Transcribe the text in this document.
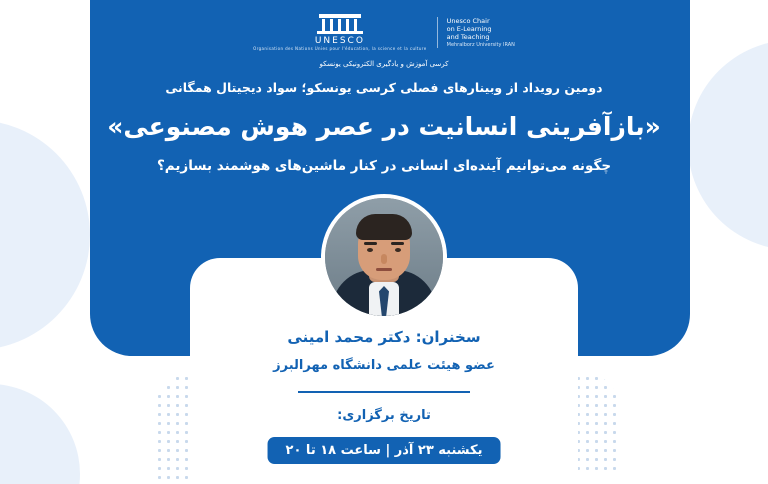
UNESCO
Organisation des Nations Unies pour l'éducation, la science et la culture
Unesco Chair
on E-Learning
and Teaching
Mehralborz University IRAN
کرسی آموزش و یادگیری الکترونیکی یونسکو
دومین رویداد از وبینارهای فصلی کرسی یونسکو؛ سواد دیجیتال همگانی
«بازآفرینی انسانیت در عصر هوش مصنوعی»
چگونه می‌توانیم آینده‌ای انسانی در کنار ماشین‌های هوشمند بسازیم؟
سخنران: دکتر محمد امینی
عضو هیئت علمی دانشگاه مهرالبرز
تاریخ برگزاری:
یکشنبه ۲۳ آذر | ساعت ۱۸ تا ۲۰
